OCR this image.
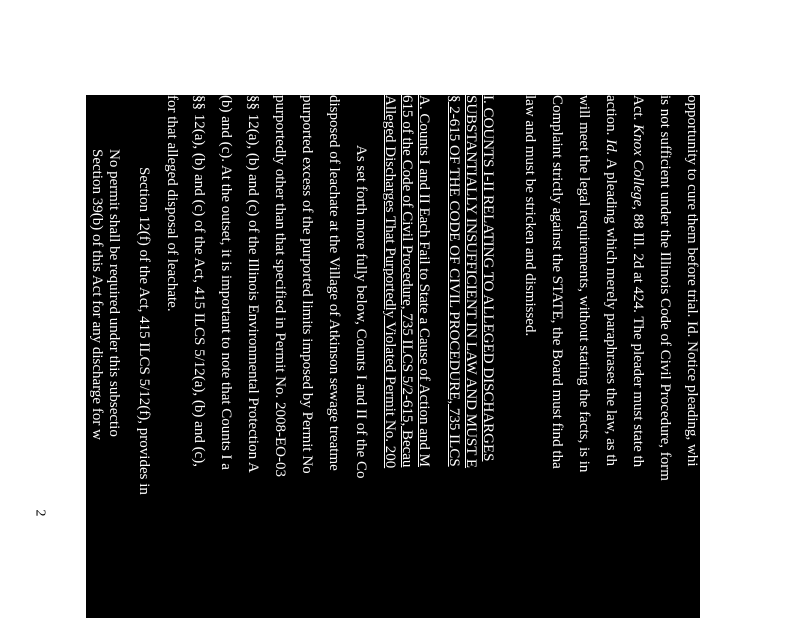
opportunity to cure them before trial. Id. Notice pleading, whi
is not sufficient under the Illinois Code of Civil Procedure, form
Act. Knox College, 88 Ill. 2d at 424. The pleader must state th
action. Id. A pleading which merely paraphrases the law, as th
will meet the legal requirements, without stating the facts, is in
Complaint strictly against the STATE, the Board must find tha
law and must be stricken and dismissed.
I. COUNTS I-II RELATING TO ALLEGED DISCHARGES
SUBSTANTIALLY INSUFFICIENT IN LAW AND MUST E
§ 2-615 OF THE CODE OF CIVIL PROCEDURE, 735 ILCS
A. Counts I and II Each Fail to State a Cause of Action and M
615 of the Code of Civil Procedure, 735 ILCS 5/2-615, Becau
Alleged Discharges That Purportedly Violated Permit No. 200
As set forth more fully below, Counts I and II of the Co
disposed of leachate at the Village of Atkinson sewage treatme
purported excess of the purported limits imposed by Permit No
purportedly other than that specified in Permit No. 2008-EO-03
§§ 12(a), (b) and (c) of the Illinois Environmental Protection A
(b) and (c). At the outset, it is important to note that Counts I a
§§ 12(a), (b) and (c) of the Act, 415 ILCS 5/12(a), (b) and (c),
for that alleged disposal of leachate.
Section 12(f) of the Act, 415 ILCS 5/12(f), provides in
No permit shall be required under this subsectio
Section 39(b) of this Act for any discharge for w
not required under the Federal Water Pollution
now or hereafter amended [33 U.S.C. § 1251 et
regulations pursuant thereto.
2
